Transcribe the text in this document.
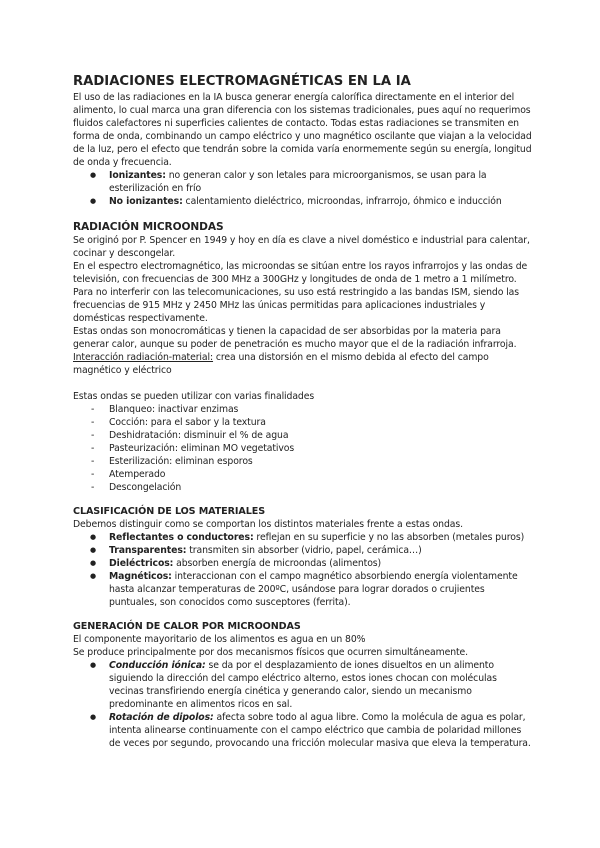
RADIACIONES ELECTROMAGNÉTICAS EN LA IA

El uso de las radiaciones en la IA busca generar energía calorífica directamente en el interior del alimento, lo cual marca una gran diferencia con los sistemas tradicionales, pues aquí no requerimos fluidos calefactores ni superficies calientes de contacto. Todas estas radiaciones se transmiten en forma de onda, combinando un campo eléctrico y uno magnético oscilante que viajan a la velocidad de la luz, pero el efecto que tendrán sobre la comida varía enormemente según su energía, longitud de onda y frecuencia.

● Ionizantes: no generan calor y son letales para microorganismos, se usan para la esterilización en frío
● No ionizantes: calentamiento dieléctrico, microondas, infrarrojo, óhmico e inducción
RADIACIÓN MICROONDAS

Se originó por P. Spencer en 1949 y hoy en día es clave a nivel doméstico e industrial para calentar, cocinar y descongelar.

En el espectro electromagnético, las microondas se sitúan entre los rayos infrarrojos y las ondas de televisión, con frecuencias de 300 MHz a 300GHz y longitudes de onda de 1 metro a 1 milímetro. Para no interferir con las telecomunicaciones, su uso está restringido a las bandas ISM, siendo las frecuencias de 915 MHz y 2450 MHz las únicas permitidas para aplicaciones industriales y domésticas respectivamente.

Estas ondas son monocromáticas y tienen la capacidad de ser absorbidas por la materia para generar calor, aunque su poder de penetración es mucho mayor que el de la radiación infrarroja.

Interacción radiación-material: crea una distorsión en el mismo debida al efecto del campo magnético y eléctrico

Estas ondas se pueden utilizar con varias finalidades

- Blanqueo: inactivar enzimas
- Cocción: para el sabor y la textura
- Deshidratación: disminuir el % de agua
- Pasteurización: eliminan MO vegetativos
- Esterilización: eliminan esporos
- Atemperado
- Descongelación
CLASIFICACIÓN DE LOS MATERIALES

Debemos distinguir como se comportan los distintos materiales frente a estas ondas.

● Reflectantes o conductores: reflejan en su superficie y no las absorben (metales puros)
● Transparentes: transmiten sin absorber (vidrio, papel, cerámica…)
● Dieléctricos: absorben energía de microondas (alimentos)
● Magnéticos: interaccionan con el campo magnético absorbiendo energía violentamente hasta alcanzar temperaturas de 200ºC, usándose para lograr dorados o crujientes puntuales, son conocidos como susceptores (ferrita).
GENERACIÓN DE CALOR POR MICROONDAS

El componente mayoritario de los alimentos es agua en un 80%

Se produce principalmente por dos mecanismos físicos que ocurren simultáneamente.

● Conducción iónica: se da por el desplazamiento de iones disueltos en un alimento siguiendo la dirección del campo eléctrico alterno, estos iones chocan con moléculas vecinas transfiriendo energía cinética y generando calor, siendo un mecanismo predominante en alimentos ricos en sal.
● Rotación de dipolos: afecta sobre todo al agua libre. Como la molécula de agua es polar, intenta alinearse continuamente con el campo eléctrico que cambia de polaridad millones de veces por segundo, provocando una fricción molecular masiva que eleva la temperatura.
